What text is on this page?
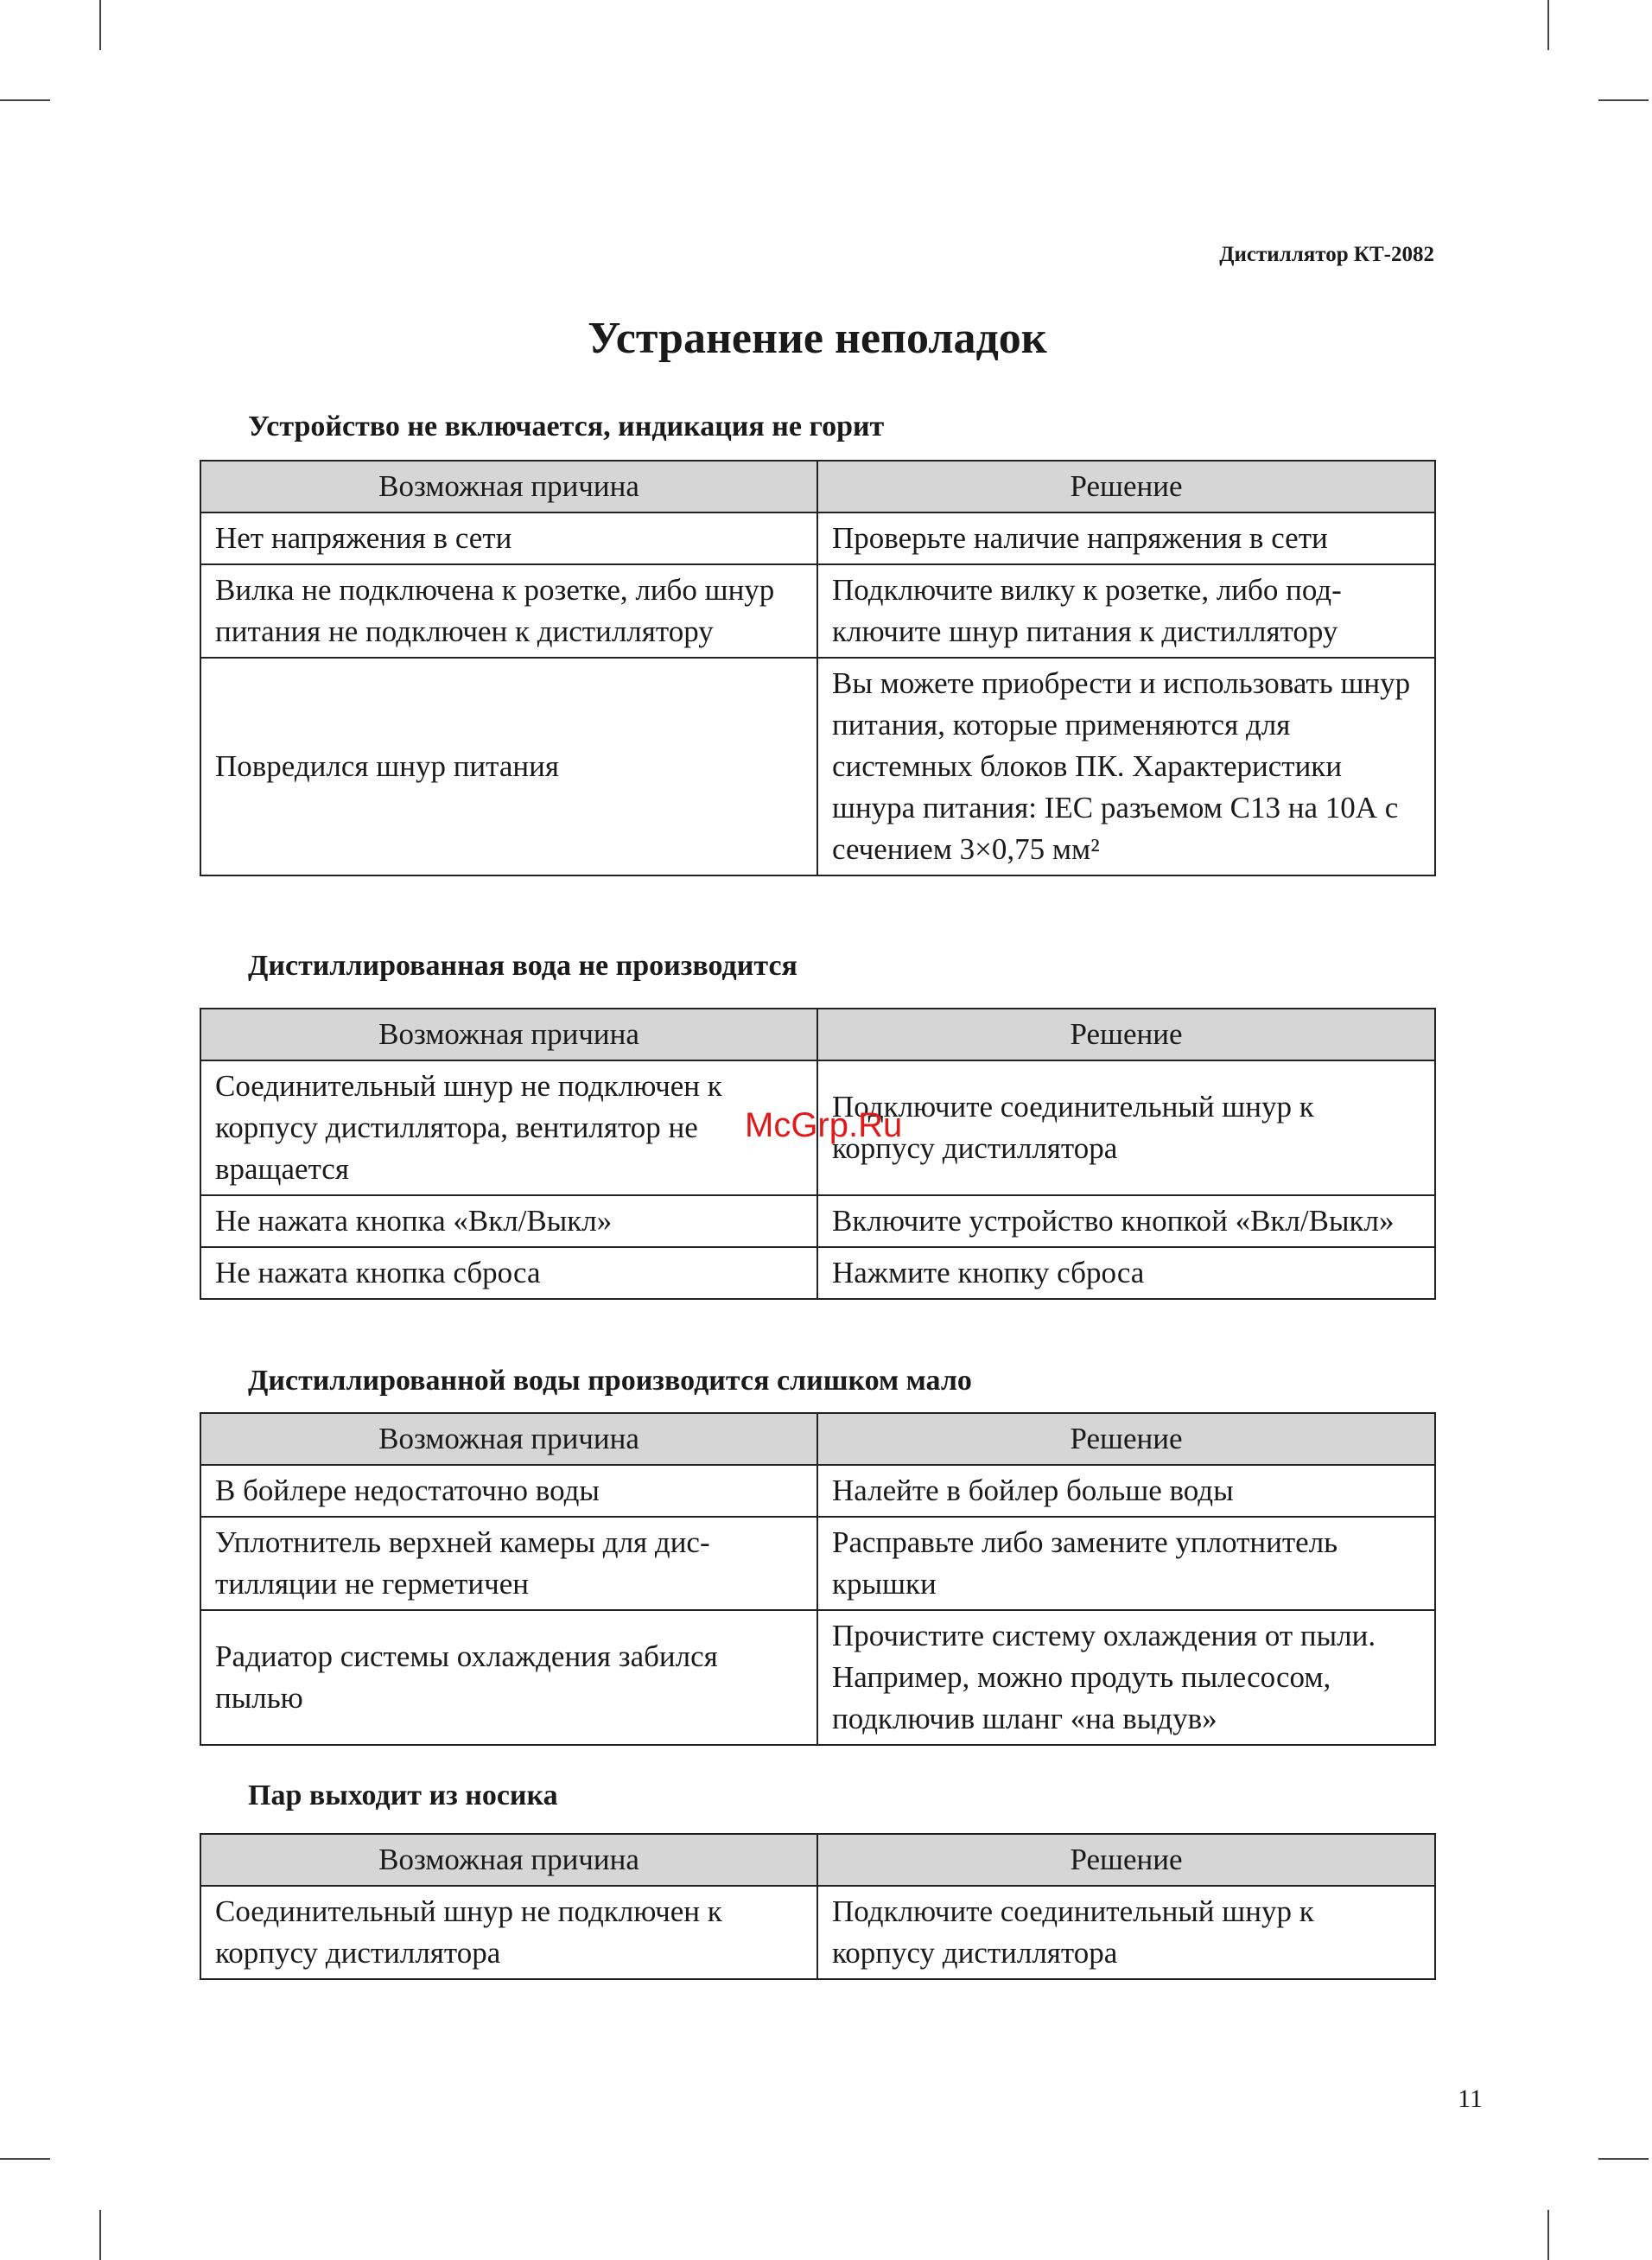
Дистиллятор КТ-2082
Устранение неполадок
Устройство не включается, индикация не горит
Возможная причина	Решение
Нет напряжения в сети	Проверьте наличие напряжения в сети
Вилка не подключена к розетке, либо шнур питания не подключен к дистиллятору	Подключите вилку к розетке, либо подключите шнур питания к дистиллятору
Повредился шнур питания	Вы можете приобрести и использовать шнур питания, которые применяются для системных блоков ПК. Характеристики шнура питания: IEC разъемом С13 на 10А с сечением 3×0,75 мм²
Дистиллированная вода не производится
Возможная причина	Решение
Соединительный шнур не подключен к корпусу дистиллятора, вентилятор не вращается	Подключите соединительный шнур к корпусу дистиллятора
Не нажата кнопка «Вкл/Выкл»	Включите устройство кнопкой «Вкл/Выкл»
Не нажата кнопка сброса	Нажмите кнопку сброса
Дистиллированной воды производится слишком мало
Возможная причина	Решение
В бойлере недостаточно воды	Налейте в бойлер больше воды
Уплотнитель верхней камеры для дистилляции не герметичен	Расправьте либо замените уплотнитель крышки
Радиатор системы охлаждения забился пылью	Прочистите систему охлаждения от пыли. Например, можно продуть пылесосом, подключив шланг «на выдув»
Пар выходит из носика
Возможная причина	Решение
Соединительный шнур не подключен к корпусу дистиллятора	Подключите соединительный шнур к корпусу дистиллятора
McGrp.Ru
11
